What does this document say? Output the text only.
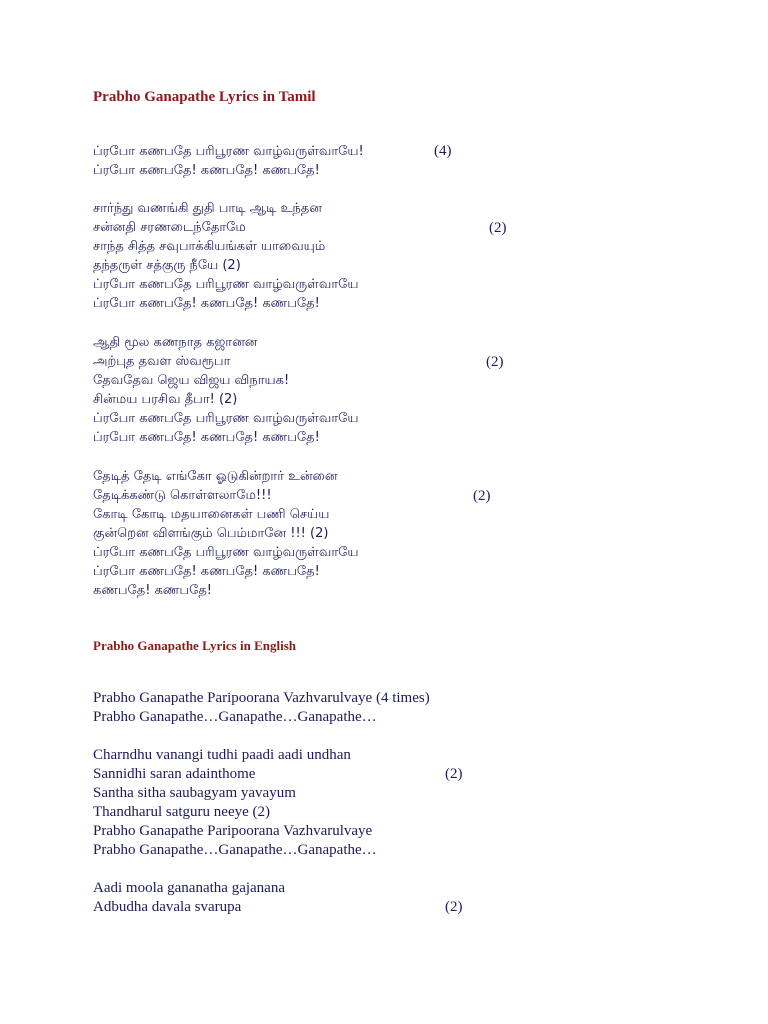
Prabho Ganapathe Lyrics in Tamil
ப்ரபோ கணபதே பரிபூரண வாழ்வருள்வாயே!	(4)
ப்ரபோ கணபதே! கணபதே! கணபதே!
சார்ந்து வணங்கி துதி பாடி ஆடி உந்தன
சன்னதி சரணடைந்தோமே	(2)
சாந்த சித்த சவுபாக்கியங்கள் யாவையும்
தந்தருள் சத்குரு நீயே (2)
ப்ரபோ கணபதே பரிபூரண வாழ்வருள்வாயே
ப்ரபோ கணபதே! கணபதே! கணபதே!
ஆதி மூல கணநாத கஜானன
அற்புத தவள ஸ்வரூபா	(2)
தேவதேவ ஜெய விஜய விநாயக!
சின்மய பரசிவ தீபா! (2)
ப்ரபோ கணபதே பரிபூரண வாழ்வருள்வாயே
ப்ரபோ கணபதே! கணபதே! கணபதே!
தேடித் தேடி எங்கோ ஓடுகின்றார் உன்னை
தேடிக்கண்டு கொள்ளலாமே!!!	(2)
கோடி கோடி மதயானைகள் பணி செய்ய
குன்றென விளங்கும் பெம்மானே !!! (2)
ப்ரபோ கணபதே பரிபூரண வாழ்வருள்வாயே
ப்ரபோ கணபதே! கணபதே! கணபதே!
கணபதே! கணபதே!
Prabho Ganapathe Lyrics in English
Prabho Ganapathe Paripoorana Vazhvarulvaye (4 times)
Prabho Ganapathe…Ganapathe…Ganapathe…
Charndhu vanangi tudhi paadi aadi undhan
Sannidhi saran adainthome	(2)
Santha sitha saubagyam yavayum
Thandharul satguru neeye (2)
Prabho Ganapathe Paripoorana Vazhvarulvaye
Prabho Ganapathe…Ganapathe…Ganapathe…
Aadi moola gananatha gajanana
Adbudha davala svarupa	(2)
